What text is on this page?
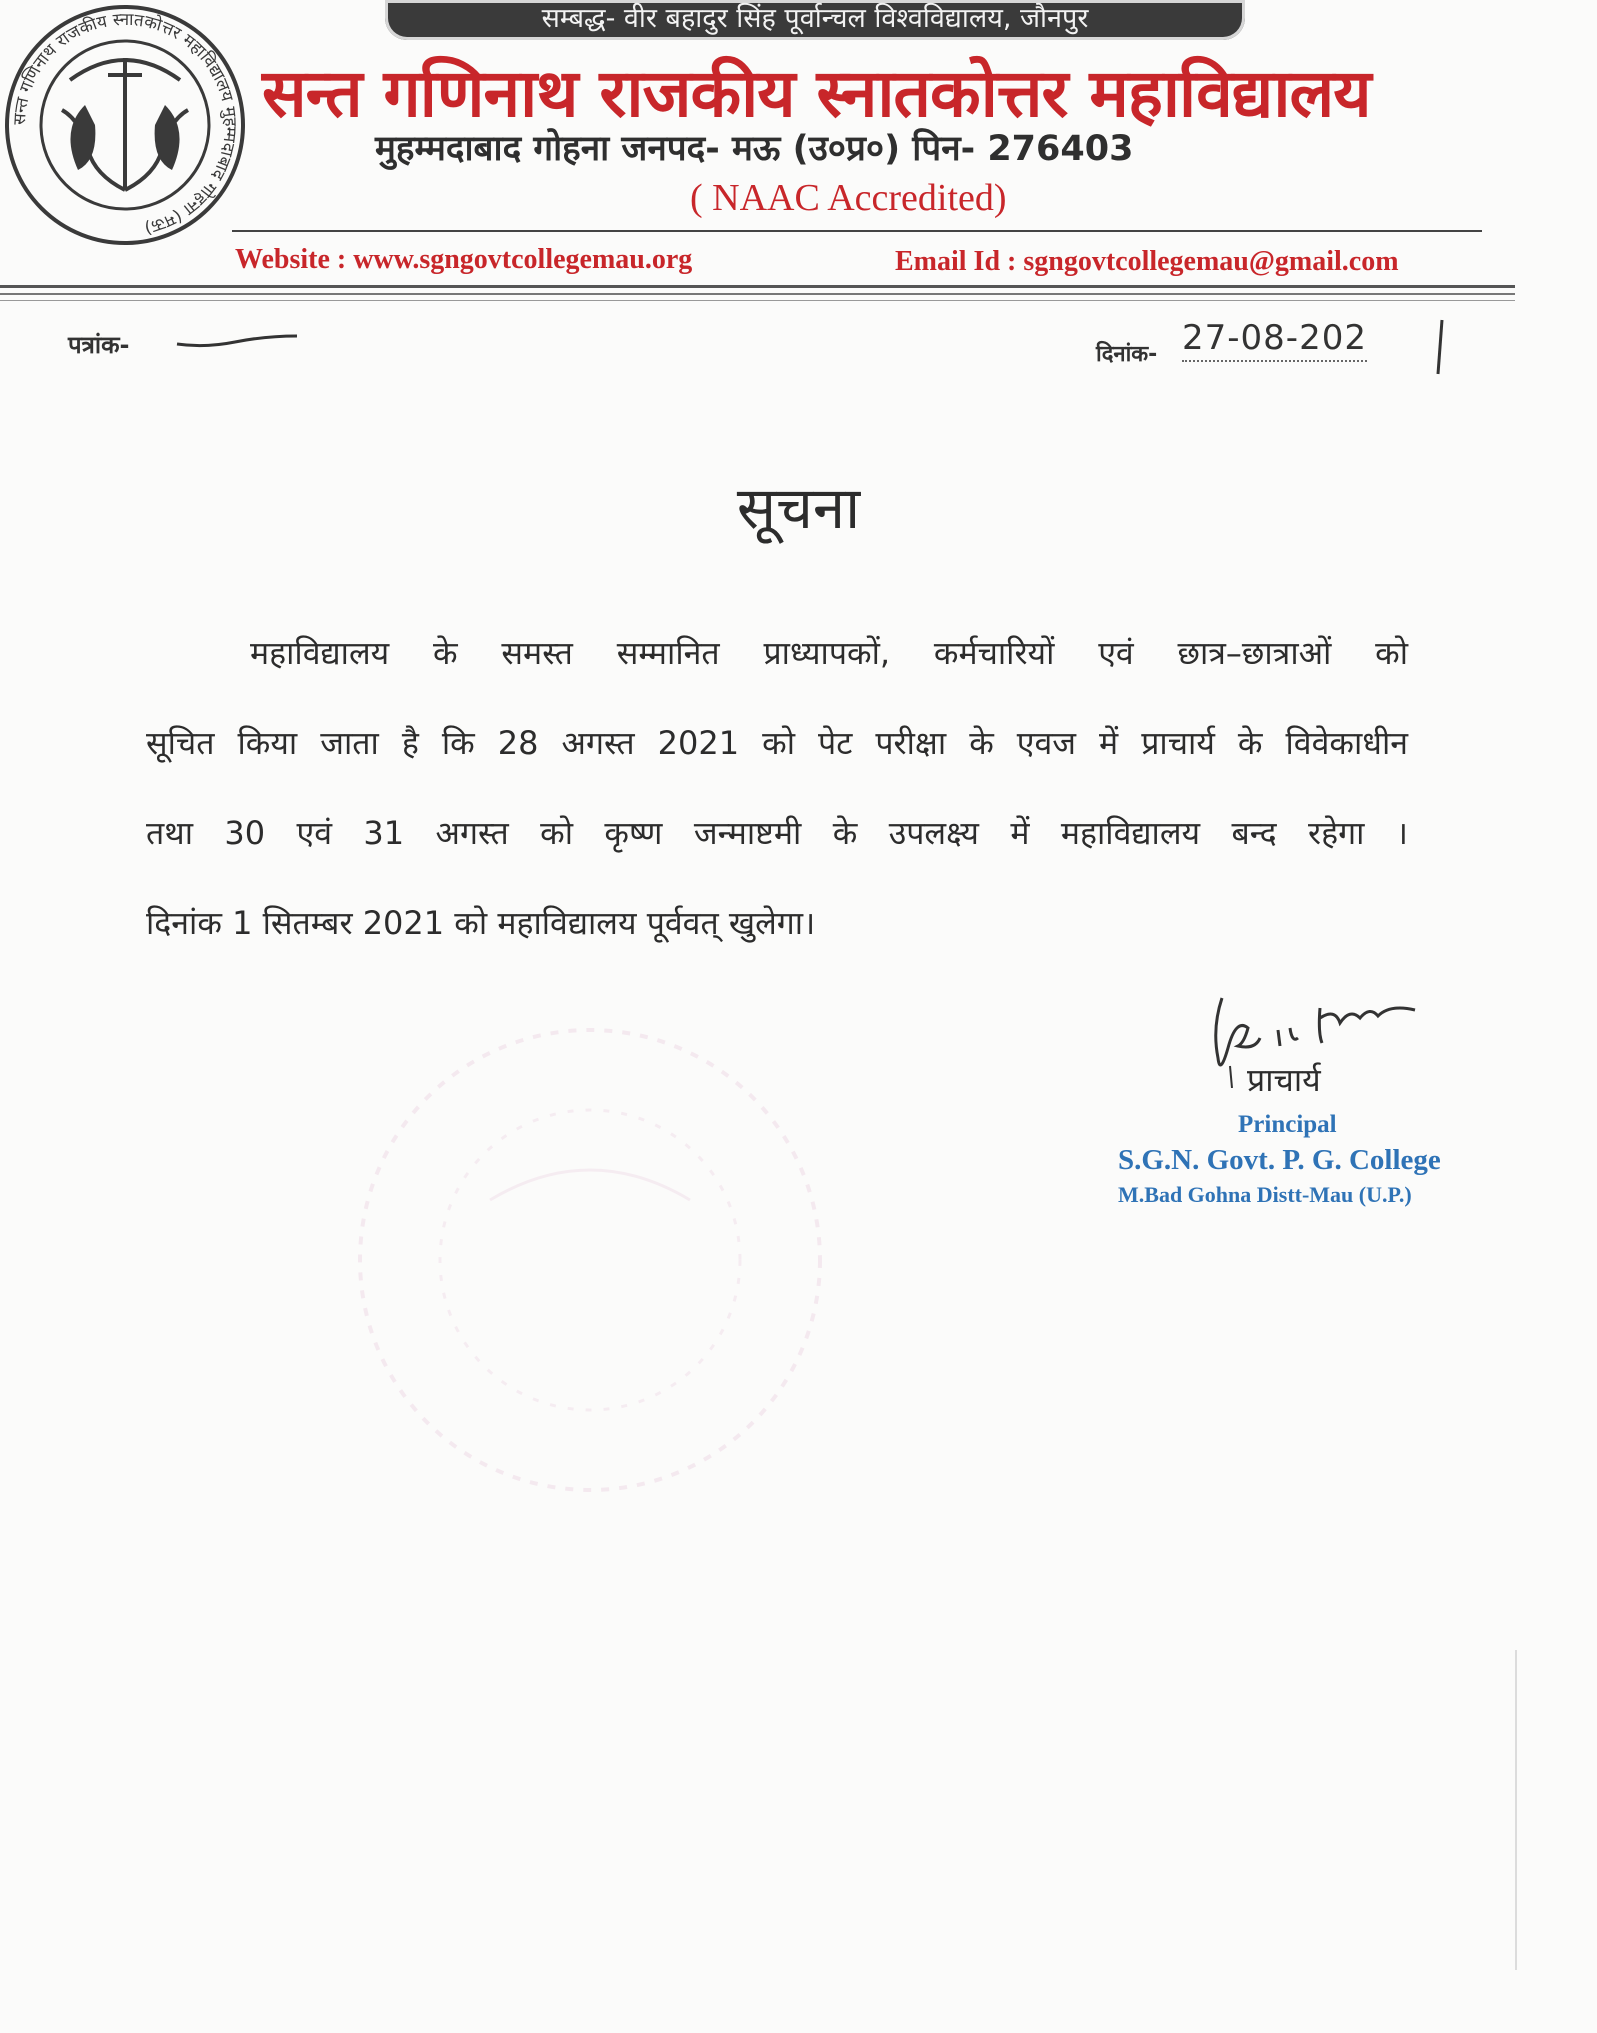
सन्त गणिनाथ राजकीय स्नातकोत्तर महाविद्यालय मुहम्मदाबाद गोहना (मऊ)
सम्बद्ध- वीर बहादुर सिंह पूर्वान्चल विश्वविद्यालय, जौनपुर
सन्त गणिनाथ राजकीय स्नातकोत्तर महाविद्यालय
मुहम्मदाबाद गोहना जनपद- मऊ (उ०प्र०) पिन- 276403
( NAAC Accredited)
Website : www.sgngovtcollegemau.org	Email Id : sgngovtcollegemau@gmail.com
पत्रांक-	दिनांक- 27-08-202
सूचना
महाविद्यालय के समस्त सम्मानित प्राध्यापकों, कर्मचारियों एवं छात्र–छात्राओं को
सूचित किया जाता है कि 28 अगस्त 2021 को पेट परीक्षा के एवज में प्राचार्य के विवेकाधीन
तथा 30 एवं 31 अगस्त को कृष्ण जन्माष्टमी के उपलक्ष्य में महाविद्यालय बन्द रहेगा ।
दिनांक 1 सितम्बर 2021 को महाविद्यालय पूर्ववत् खुलेगा।
प्राचार्य
Principal
S.G.N. Govt. P. G. College
M.Bad Gohna Distt-Mau (U.P.)
